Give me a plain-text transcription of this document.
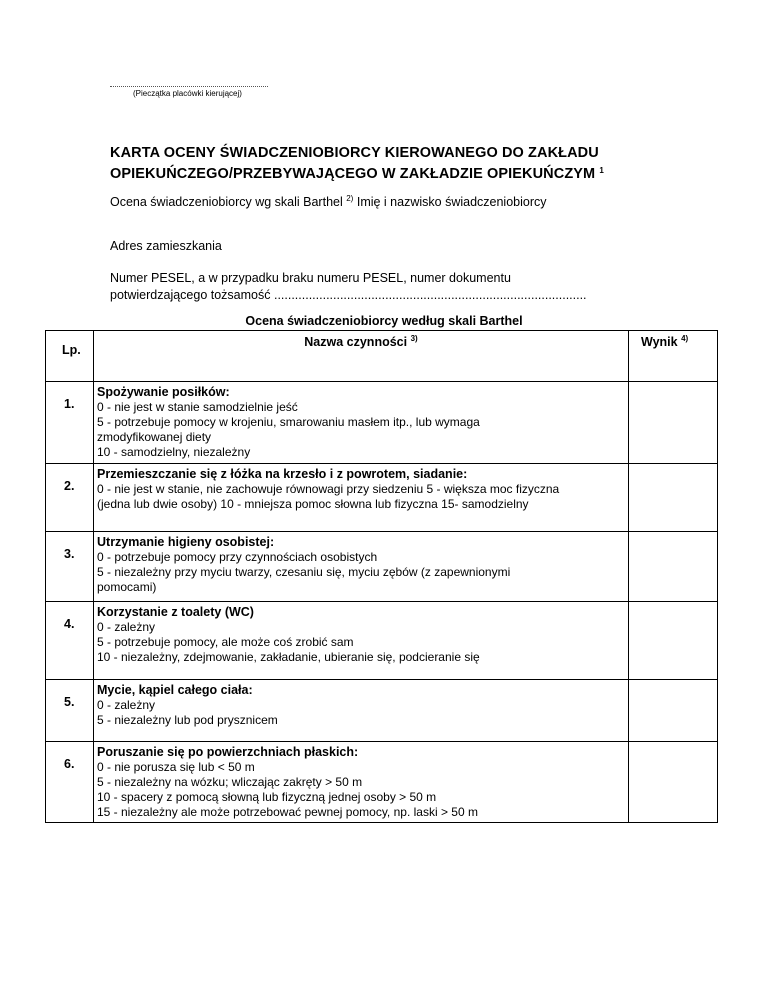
(Pieczątka placówki kierującej)
KARTA OCENY ŚWIADCZENIOBIORCY KIEROWANEGO DO ZAKŁADU
OPIEKUŃCZEGO/PRZEBYWAJĄCEGO W ZAKŁADZIE OPIEKUŃCZYM $^1$
Ocena świadczeniobiorcy wg skali Barthel $^{2)}$ Imię i nazwisko świadczeniobiorcy
Adres zamieszkania
Numer PESEL, a w przypadku braku numeru PESEL, numer dokumentu
potwierdzającego tożsamość ..........................................................................................
Ocena świadczeniobiorcy według skali Barthel
Lp.	Nazwa czynności $^{3)}$	Wynik $^{4)}$
1.	Spożywanie posiłków:
0 - nie jest w stanie samodzielnie jeść
5 - potrzebuje pomocy w krojeniu, smarowaniu masłem itp., lub wymaga
zmodyfikowanej diety
10 - samodzielny, niezależny	

2.	Przemieszczanie się z łóżka na krzesło i z powrotem, siadanie:
0 - nie jest w stanie, nie zachowuje równowagi przy siedzeniu 5 - większa moc fizyczna
(jedna lub dwie osoby) 10 - mniejsza pomoc słowna lub fizyczna 15- samodzielny	

3.	Utrzymanie higieny osobistej:
0 - potrzebuje pomocy przy czynnościach osobistych
5 - niezależny przy myciu twarzy, czesaniu się, myciu zębów (z zapewnionymi
pomocami)	

4.	Korzystanie z toalety (WC)
0 - zależny
5 - potrzebuje pomocy, ale może coś zrobić sam
10 - niezależny, zdejmowanie, zakładanie, ubieranie się, podcieranie się	

5.	Mycie, kąpiel całego ciała:
0 - zależny
5 - niezależny lub pod prysznicem	

6.	Poruszanie się po powierzchniach płaskich:
0 - nie porusza się lub < 50 m
5 - niezależny na wózku; wliczając zakręty > 50 m
10 - spacery z pomocą słowną lub fizyczną jednej osoby > 50 m
15 - niezależny ale może potrzebować pewnej pomocy, np. laski > 50 m	
